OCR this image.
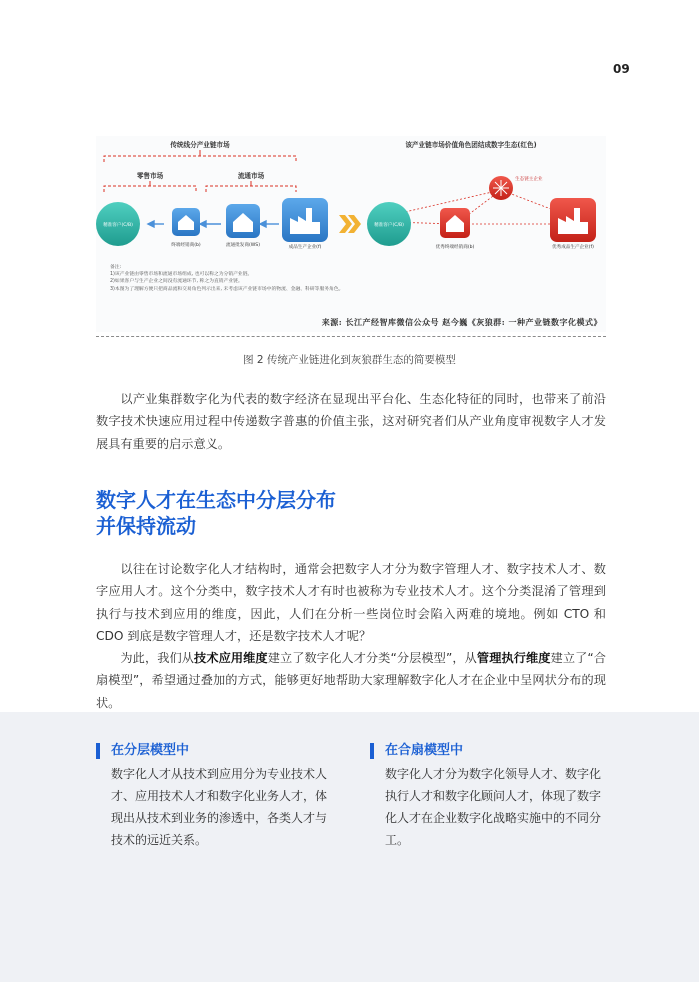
09
传统线分产业链市场
零售市场	流通市场
精准客户(C/B)
终端经销商(b)	流通批发商(WS)	成品生产企业(f)
该产业链市场价值角色团结成数字生态(红色)
精准客户(C/B)
优秀终端经销商(b)
生态链主企业
优秀成品生产企业(f)
备注:
1)该产业链由零售市场和流通市场组成, 也可以称之为分销产业链。
2)如果客户与生产企业之间没有流通环节, 称之为直销产业链。
3)本图为了理解方便只把商品流和交易角色列示出来, 未考虑该产业链市场中的物流、金融、科研等服务角色。
来源: 长江产经智库微信公众号 赵今巍《灰狼群: 一种产业链数字化模式》
图 2 传统产业链进化到灰狼群生态的简要模型

以产业集群数字化为代表的数字经济在显现出平台化、生态化特征的同时，也带来了前沿数字技术快速应用过程中传递数字普惠的价值主张，这对研究者们从产业角度审视数字人才发展具有重要的启示意义。

数字人才在生态中分层分布
并保持流动

以往在讨论数字化人才结构时，通常会把数字人才分为数字管理人才、数字技术人才、数字应用人才。这个分类中，数字技术人才有时也被称为专业技术人才。这个分类混淆了管理到执行与技术到应用的维度，因此，人们在分析一些岗位时会陷入两难的境地。例如 CTO 和 CDO 到底是数字管理人才，还是数字技术人才呢？

为此，我们从技术应用维度建立了数字化人才分类“分层模型”，从管理执行维度建立了“合扇模型”，希望通过叠加的方式，能够更好地帮助大家理解数字化人才在企业中呈网状分布的现状。

在分层模型中
数字化人才从技术到应用分为专业技术人才、应用技术人才和数字化业务人才，体现出从技术到业务的渗透中，各类人才与技术的远近关系。
在合扇模型中
数字化人才分为数字化领导人才、数字化执行人才和数字化顾问人才，体现了数字化人才在企业数字化战略实施中的不同分工。
